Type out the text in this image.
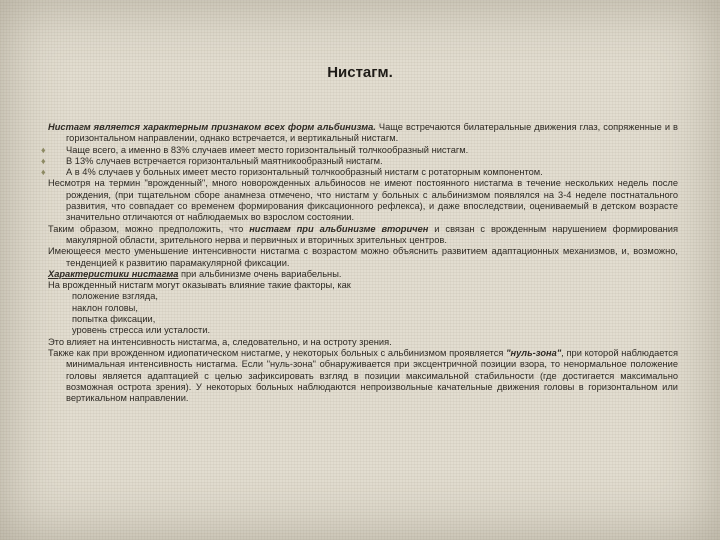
Нистагм.

Нистагм является характерным признаком всех форм альбинизма. Чаще встречаются билатеральные движения глаз, сопряженные и в горизонтальном направлении, однако встречается, и вертикальный нистагм.

♦ Чаще всего, а именно в 83% случаев имеет место горизонтальный толчкообразный нистагм.

♦ В 13% случаев встречается горизонтальный маятникообразный нистагм.

♦ А в 4% случаев у больных имеет место горизонтальный толчкообразный нистагм с ротаторным компонентом.

Несмотря на термин "врожденный", много новорожденных альбиносов не имеют постоянного нистагма в течение нескольких недель после рождения, (при тщательном сборе анамнеза отмечено, что нистагм у больных с альбинизмом появлялся на 3-4 неделе постнатального развития, что совпадает со временем формирования фиксационного рефлекса), и даже впоследствии, оцениваемый в детском возрасте значительно отличаются от наблюдаемых во взрослом состоянии.

Таким образом, можно предположить, что нистагм при альбинизме вторичен и связан с врожденным нарушением формирования макулярной области, зрительного нерва и первичных и вторичных зрительных центров.

Имеющееся место уменьшение интенсивности нистагма с возрастом можно объяснить развитием адаптационных механизмов, и, возможно, тенденцией к развитию парамакулярной фиксации.

Характеристики нистагма при альбинизме очень вариабельны.

На врожденный нистагм могут оказывать влияние такие факторы, как

положение взгляда,

наклон головы,

попытка фиксации,

уровень стресса или усталости.

Это влияет на интенсивность нистагма, а, следовательно, и на остроту зрения.

Также как при врожденном идиопатическом нистагме, у некоторых больных с альбинизмом проявляется "нуль-зона", при которой наблюдается минимальная интенсивность нистагма. Если "нуль-зона" обнаруживается при эксцентричной позиции взора, то ненормальное положение головы является адаптацией с целью зафиксировать взгляд в позиции максимальной стабильности (где достигается максимально возможная острота зрения). У некоторых больных наблюдаются непроизвольные качательные движения головы в горизонтальном или вертикальном направлении.
